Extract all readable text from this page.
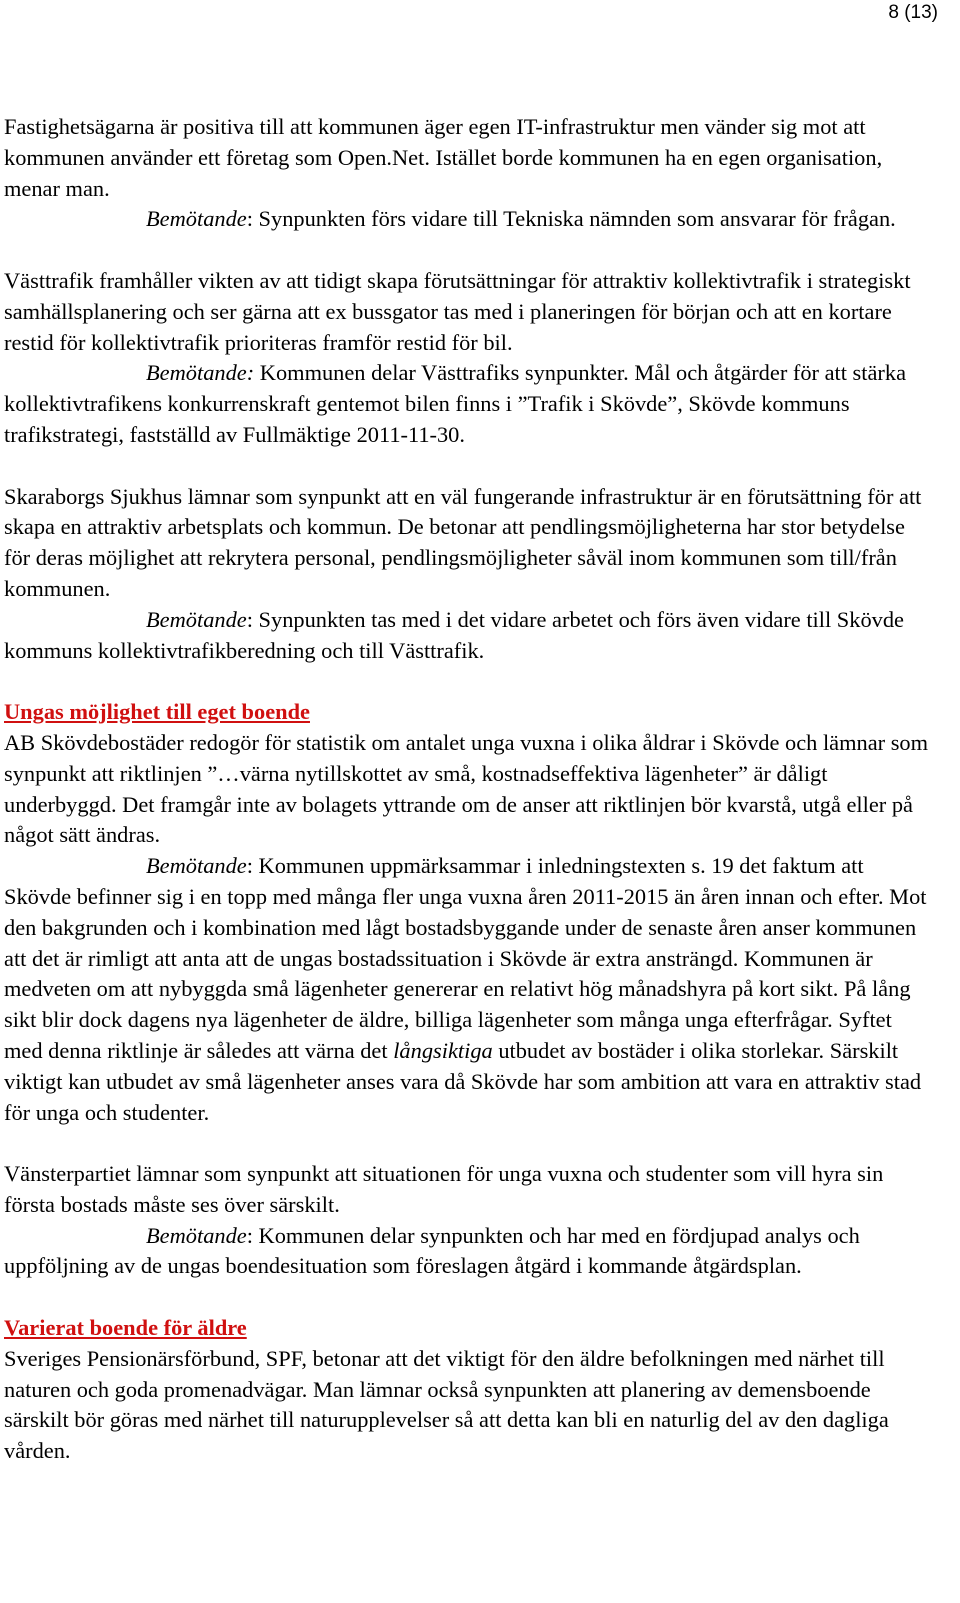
8 (13)

Fastighetsägarna är positiva till att kommunen äger egen IT-infrastruktur men vänder sig mot att kommunen använder ett företag som Open.Net. Istället borde kommunen ha en egen organisation, menar man.

Bemötande: Synpunkten förs vidare till Tekniska nämnden som ansvarar för frågan.

Västtrafik framhåller vikten av att tidigt skapa förutsättningar för attraktiv kollektivtrafik i strategiskt samhällsplanering och ser gärna att ex bussgator tas med i planeringen för början och att en kortare restid för kollektivtrafik prioriteras framför restid för bil.

Bemötande: Kommunen delar Västtrafiks synpunkter. Mål och åtgärder för att stärka kollektivtrafikens konkurrenskraft gentemot bilen finns i ”Trafik i Skövde”, Skövde kommuns trafikstrategi, fastställd av Fullmäktige 2011-11-30.

Skaraborgs Sjukhus lämnar som synpunkt att en väl fungerande infrastruktur är en förutsättning för att skapa en attraktiv arbetsplats och kommun. De betonar att pendlingsmöjligheterna har stor betydelse för deras möjlighet att rekrytera personal, pendlingsmöjligheter såväl inom kommunen som till/från kommunen.

Bemötande: Synpunkten tas med i det vidare arbetet och förs även vidare till Skövde kommuns kollektivtrafikberedning och till Västtrafik.

Ungas möjlighet till eget boende

AB Skövdebostäder redogör för statistik om antalet unga vuxna i olika åldrar i Skövde och lämnar som synpunkt att riktlinjen ”…värna nytillskottet av små, kostnadseffektiva lägenheter” är dåligt underbyggd. Det framgår inte av bolagets yttrande om de anser att riktlinjen bör kvarstå, utgå eller på något sätt ändras.

Bemötande: Kommunen uppmärksammar i inledningstexten s. 19 det faktum att Skövde befinner sig i en topp med många fler unga vuxna åren 2011-2015 än åren innan och efter. Mot den bakgrunden och i kombination med lågt bostadsbyggande under de senaste åren anser kommunen att det är rimligt att anta att de ungas bostadssituation i Skövde är extra ansträngd. Kommunen är medveten om att nybyggda små lägenheter genererar en relativt hög månadshyra på kort sikt. På lång sikt blir dock dagens nya lägenheter de äldre, billiga lägenheter som många unga efterfrågar. Syftet med denna riktlinje är således att värna det långsiktiga utbudet av bostäder i olika storlekar. Särskilt viktigt kan utbudet av små lägenheter anses vara då Skövde har som ambition att vara en attraktiv stad för unga och studenter.

Vänsterpartiet lämnar som synpunkt att situationen för unga vuxna och studenter som vill hyra sin första bostads måste ses över särskilt.

Bemötande: Kommunen delar synpunkten och har med en fördjupad analys och uppföljning av de ungas boendesituation som föreslagen åtgärd i kommande åtgärdsplan.

Varierat boende för äldre

Sveriges Pensionärsförbund, SPF, betonar att det viktigt för den äldre befolkningen med närhet till naturen och goda promenadvägar. Man lämnar också synpunkten att planering av demensboende särskilt bör göras med närhet till naturupplevelser så att detta kan bli en naturlig del av den dagliga vården.
